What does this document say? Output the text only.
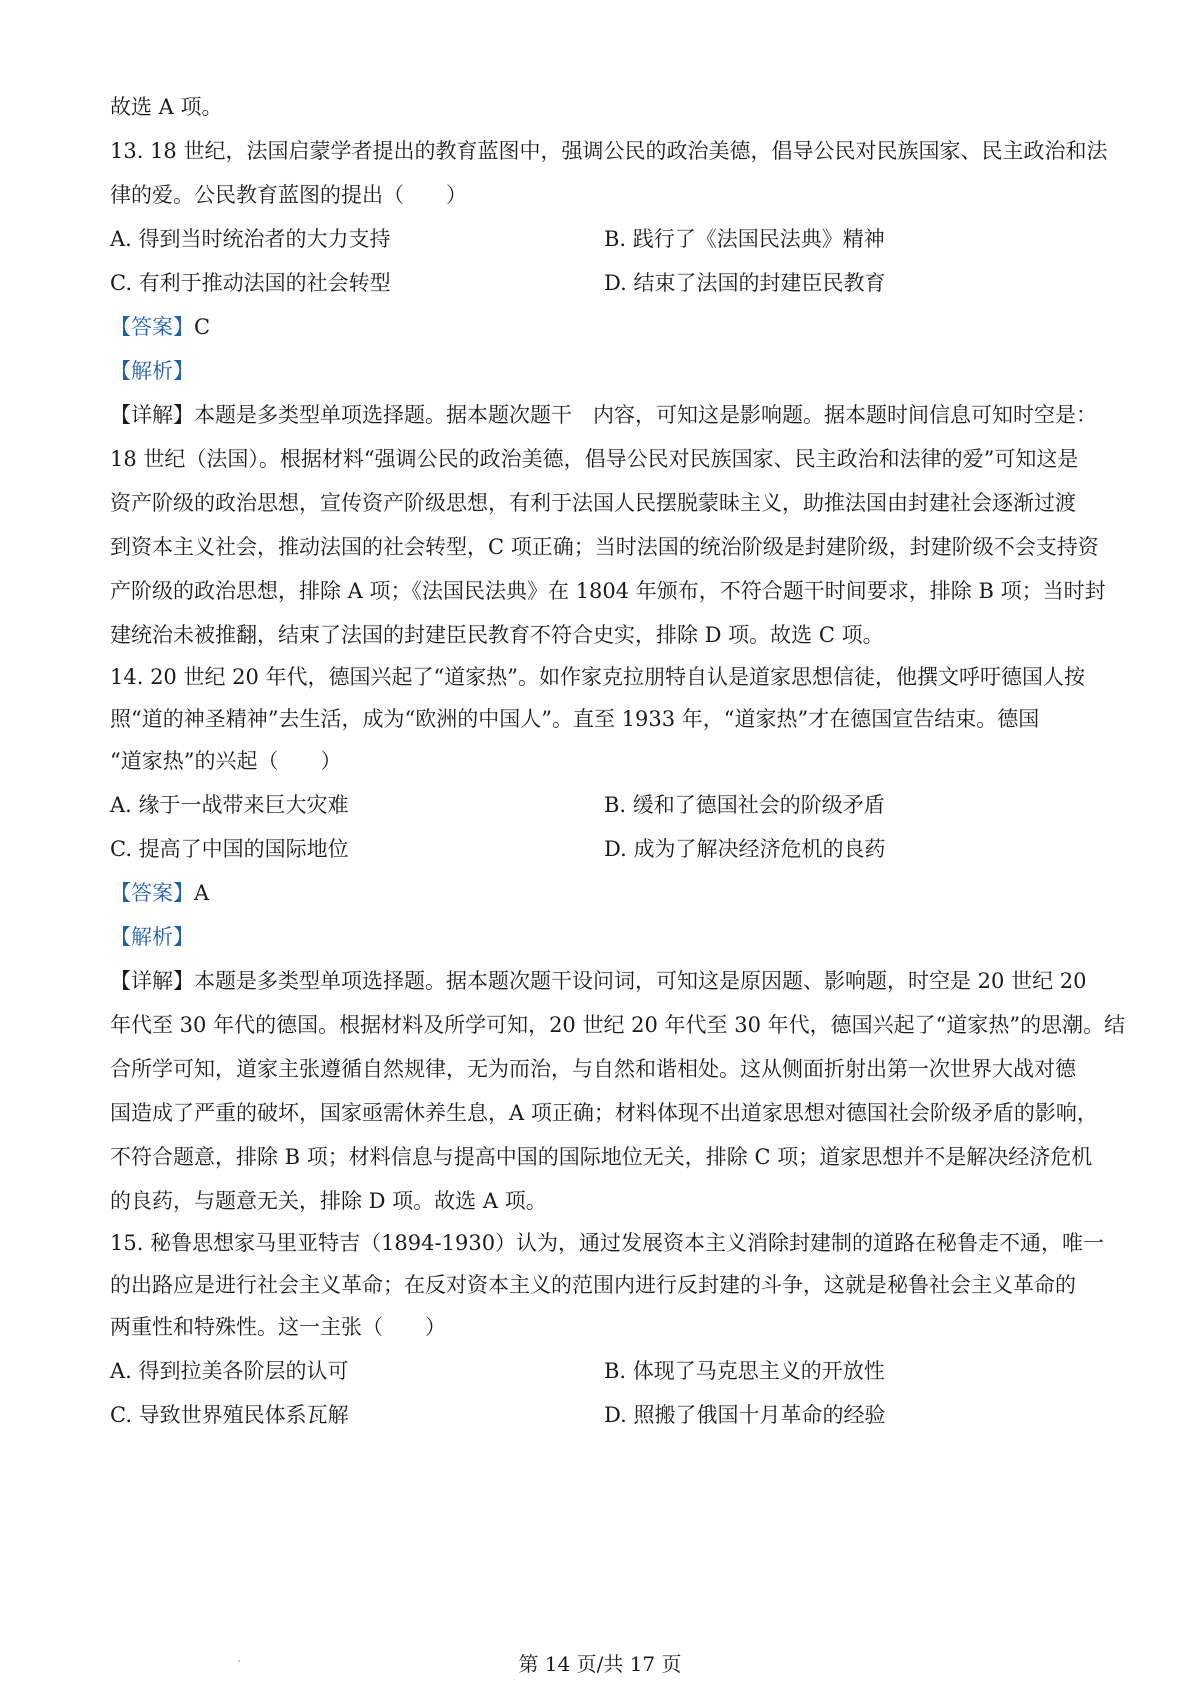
故选 A 项。
13. 18 世纪，法国启蒙学者提出的教育蓝图中，强调公民的政治美德，倡导公民对民族国家、民主政治和法
律的爱。公民教育蓝图的提出（　　）
A. 得到当时统治者的大力支持	B. 践行了《法国民法典》精神
C. 有利于推动法国的社会转型	D. 结束了法国的封建臣民教育
【答案】C
【解析】
【详解】本题是多类型单项选择题。据本题次题干　内容，可知这是影响题。据本题时间信息可知时空是：
18 世纪（法国）。根据材料“强调公民的政治美德，倡导公民对民族国家、民主政治和法律的爱”可知这是
资产阶级的政治思想，宣传资产阶级思想，有利于法国人民摆脱蒙昧主义，助推法国由封建社会逐渐过渡
到资本主义社会，推动法国的社会转型，C 项正确；当时法国的统治阶级是封建阶级，封建阶级不会支持资
产阶级的政治思想，排除 A 项；《法国民法典》在 1804 年颁布，不符合题干时间要求，排除 B 项；当时封
建统治未被推翻，结束了法国的封建臣民教育不符合史实，排除 D 项。故选 C 项。
14. 20 世纪 20 年代，德国兴起了“道家热”。如作家克拉朋特自认是道家思想信徒，他撰文呼吁德国人按
照“道的神圣精神”去生活，成为“欧洲的中国人”。直至 1933 年，“道家热”才在德国宣告结束。德国
“道家热”的兴起（　　）
A. 缘于一战带来巨大灾难	B. 缓和了德国社会的阶级矛盾
C. 提高了中国的国际地位	D. 成为了解决经济危机的良药
【答案】A
【解析】
【详解】本题是多类型单项选择题。据本题次题干设问词，可知这是原因题、影响题，时空是 20 世纪 20
年代至 30 年代的德国。根据材料及所学可知，20 世纪 20 年代至 30 年代，德国兴起了“道家热”的思潮。结
合所学可知，道家主张遵循自然规律，无为而治，与自然和谐相处。这从侧面折射出第一次世界大战对德
国造成了严重的破坏，国家亟需休养生息，A 项正确；材料体现不出道家思想对德国社会阶级矛盾的影响，
不符合题意，排除 B 项；材料信息与提高中国的国际地位无关，排除 C 项；道家思想并不是解决经济危机
的良药，与题意无关，排除 D 项。故选 A 项。
15. 秘鲁思想家马里亚特吉（1894-1930）认为，通过发展资本主义消除封建制的道路在秘鲁走不通，唯一
的出路应是进行社会主义革命；在反对资本主义的范围内进行反封建的斗争，这就是秘鲁社会主义革命的
两重性和特殊性。这一主张（　　）
A. 得到拉美各阶层的认可	B. 体现了马克思主义的开放性
C. 导致世界殖民体系瓦解	D. 照搬了俄国十月革命的经验
第 14 页/共 17 页
